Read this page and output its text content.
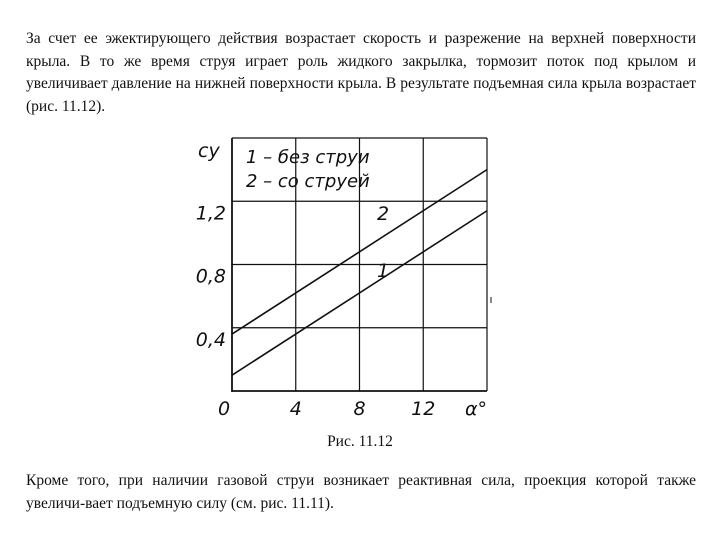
За счет ее эжектирующего действия возрастает скорость и разрежение на верхней поверхности крыла. В то же время струя играет роль жидкого закрылка, тормозит поток под крылом и увеличивает давление на нижней поверхности крыла. В результате подъемная сила крыла возрастает (рис. 11.12).

0	4	8 12
0,4
0,8
1,2
cy
α°
1
2
1 – без струи
2 – со струей
Рис. 11.12

Кроме того, при наличии газовой струи возникает реактивная сила, проекция которой также увеличи-вает подъемную силу (см. рис. 11.11).
